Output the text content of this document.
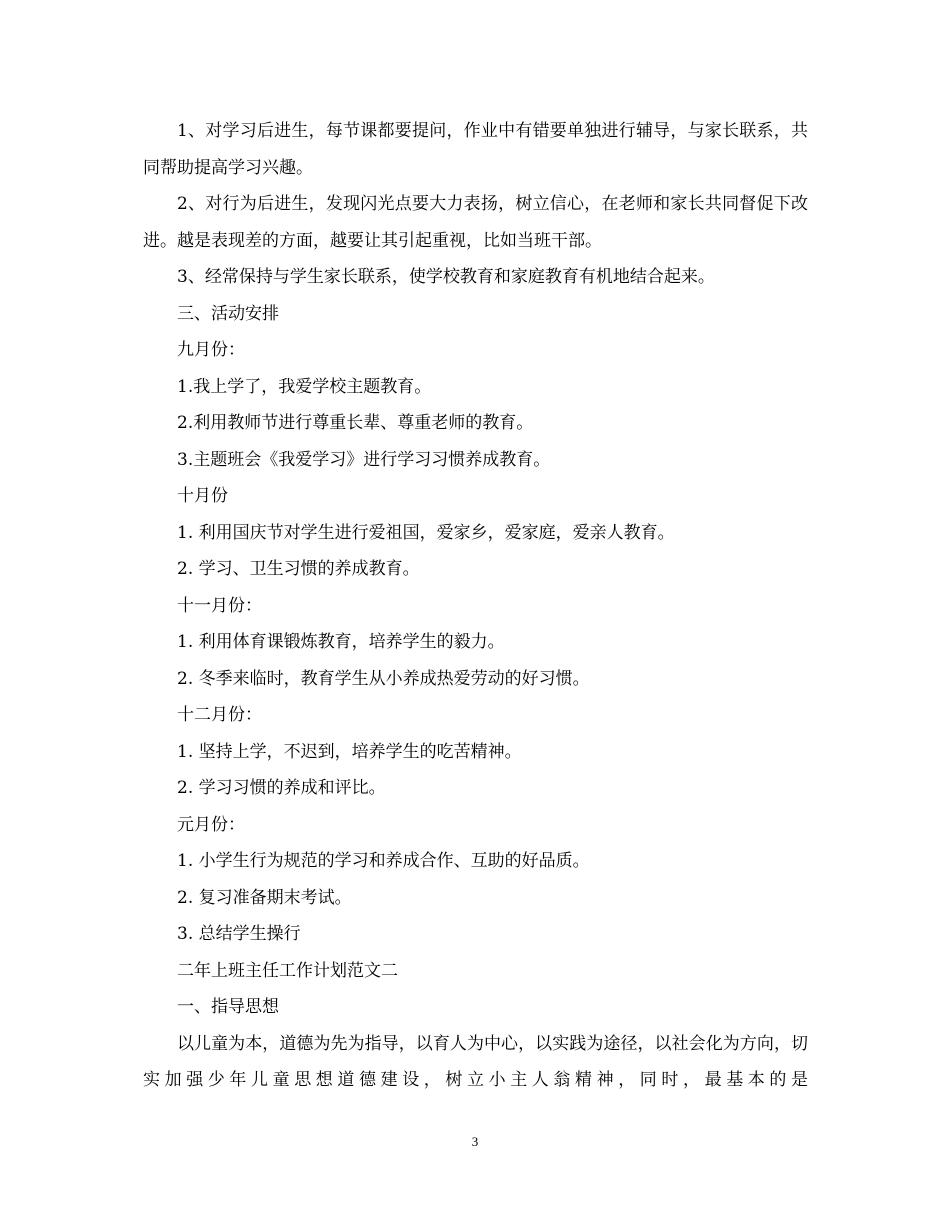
1、对学习后进生，每节课都要提问，作业中有错要单独进行辅导，与家长联系，共同帮助提高学习兴趣。

2、对行为后进生，发现闪光点要大力表扬，树立信心，在老师和家长共同督促下改进。越是表现差的方面，越要让其引起重视，比如当班干部。

3、经常保持与学生家长联系，使学校教育和家庭教育有机地结合起来。

三、活动安排

九月份：

1.我上学了，我爱学校主题教育。

2.利用教师节进行尊重长辈、尊重老师的教育。

3.主题班会《我爱学习》进行学习习惯养成教育。

十月份

1. 利用国庆节对学生进行爱祖国，爱家乡，爱家庭，爱亲人教育。

2. 学习、卫生习惯的养成教育。

十一月份：

1. 利用体育课锻炼教育，培养学生的毅力。

2. 冬季来临时，教育学生从小养成热爱劳动的好习惯。

十二月份：

1. 坚持上学，不迟到，培养学生的吃苦精神。

2. 学习习惯的养成和评比。

元月份：

1. 小学生行为规范的学习和养成合作、互助的好品质。

2. 复习准备期末考试。

3. 总结学生操行

二年上班主任工作计划范文二

一、指导思想

以儿童为本，道德为先为指导，以育人为中心，以实践为途径，以社会化为方向，切实加强少年儿童思想道德建设，树立小主人翁精神，同时，最基本的是

3
